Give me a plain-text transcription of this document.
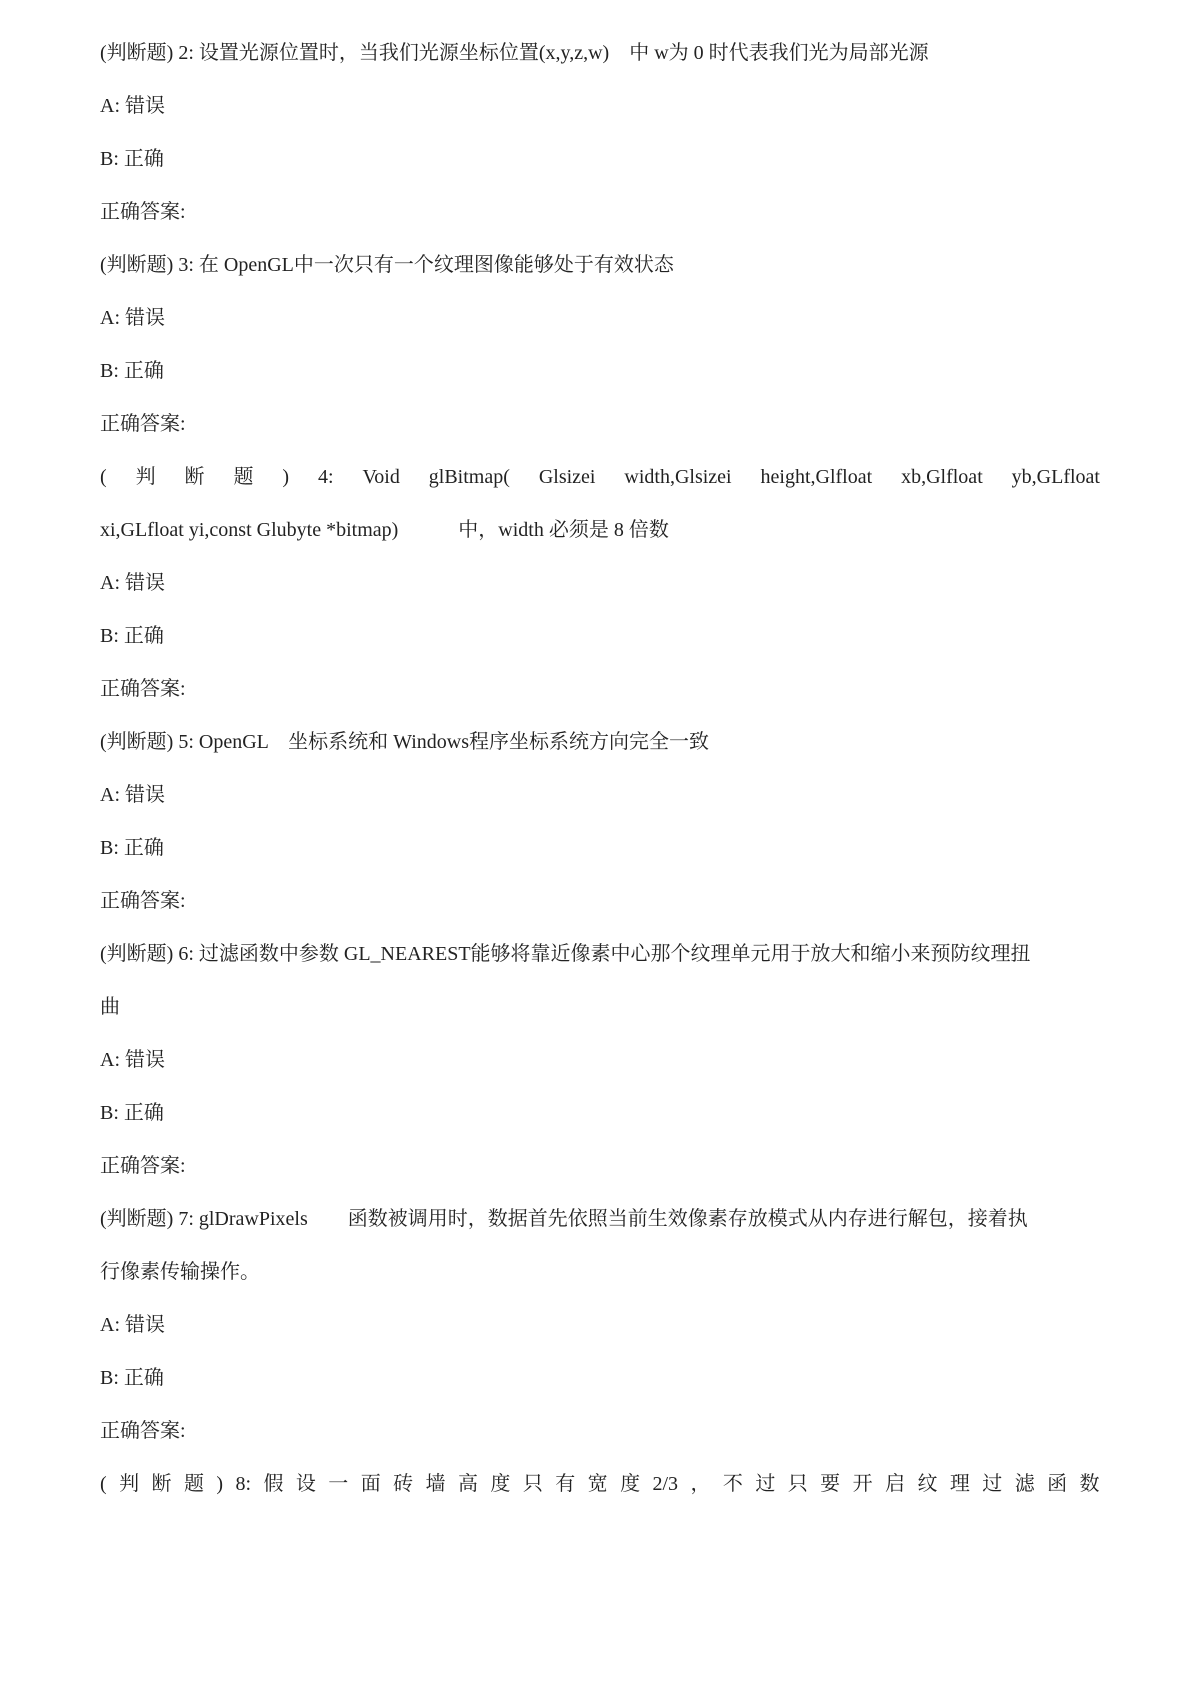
(判断题) 2: 设置光源位置时，当我们光源坐标位置(x,y,z,w)　中 w为 0 时代表我们光为局部光源
A: 错误
B: 正确
正确答案:
(判断题) 3: 在 OpenGL中一次只有一个纹理图像能够处于有效状态
A: 错误
B: 正确
正确答案:
( 判 断 题 ) 4: Void glBitmap( Glsizei width,Glsizei height,Glfloat xb,Glfloat yb,GLfloat
xi,GLfloat yi,const Glubyte *bitmap)　　　中，width 必须是 8 倍数
A: 错误
B: 正确
正确答案:
(判断题) 5: OpenGL　坐标系统和 Windows程序坐标系统方向完全一致
A: 错误
B: 正确
正确答案:
(判断题) 6: 过滤函数中参数 GL_NEAREST能够将靠近像素中心那个纹理单元用于放大和缩小来预防纹理扭
曲
A: 错误
B: 正确
正确答案:
(判断题) 7: glDrawPixels　　函数被调用时，数据首先依照当前生效像素存放模式从内存进行解包，接着执
行像素传输操作。
A: 错误
B: 正确
正确答案:
( 判 断 题 ) 8: 假 设 一 面 砖 墙 高 度 只 有 宽 度 2/3 ， 不 过 只 要 开 启 纹 理 过 滤 函 数
